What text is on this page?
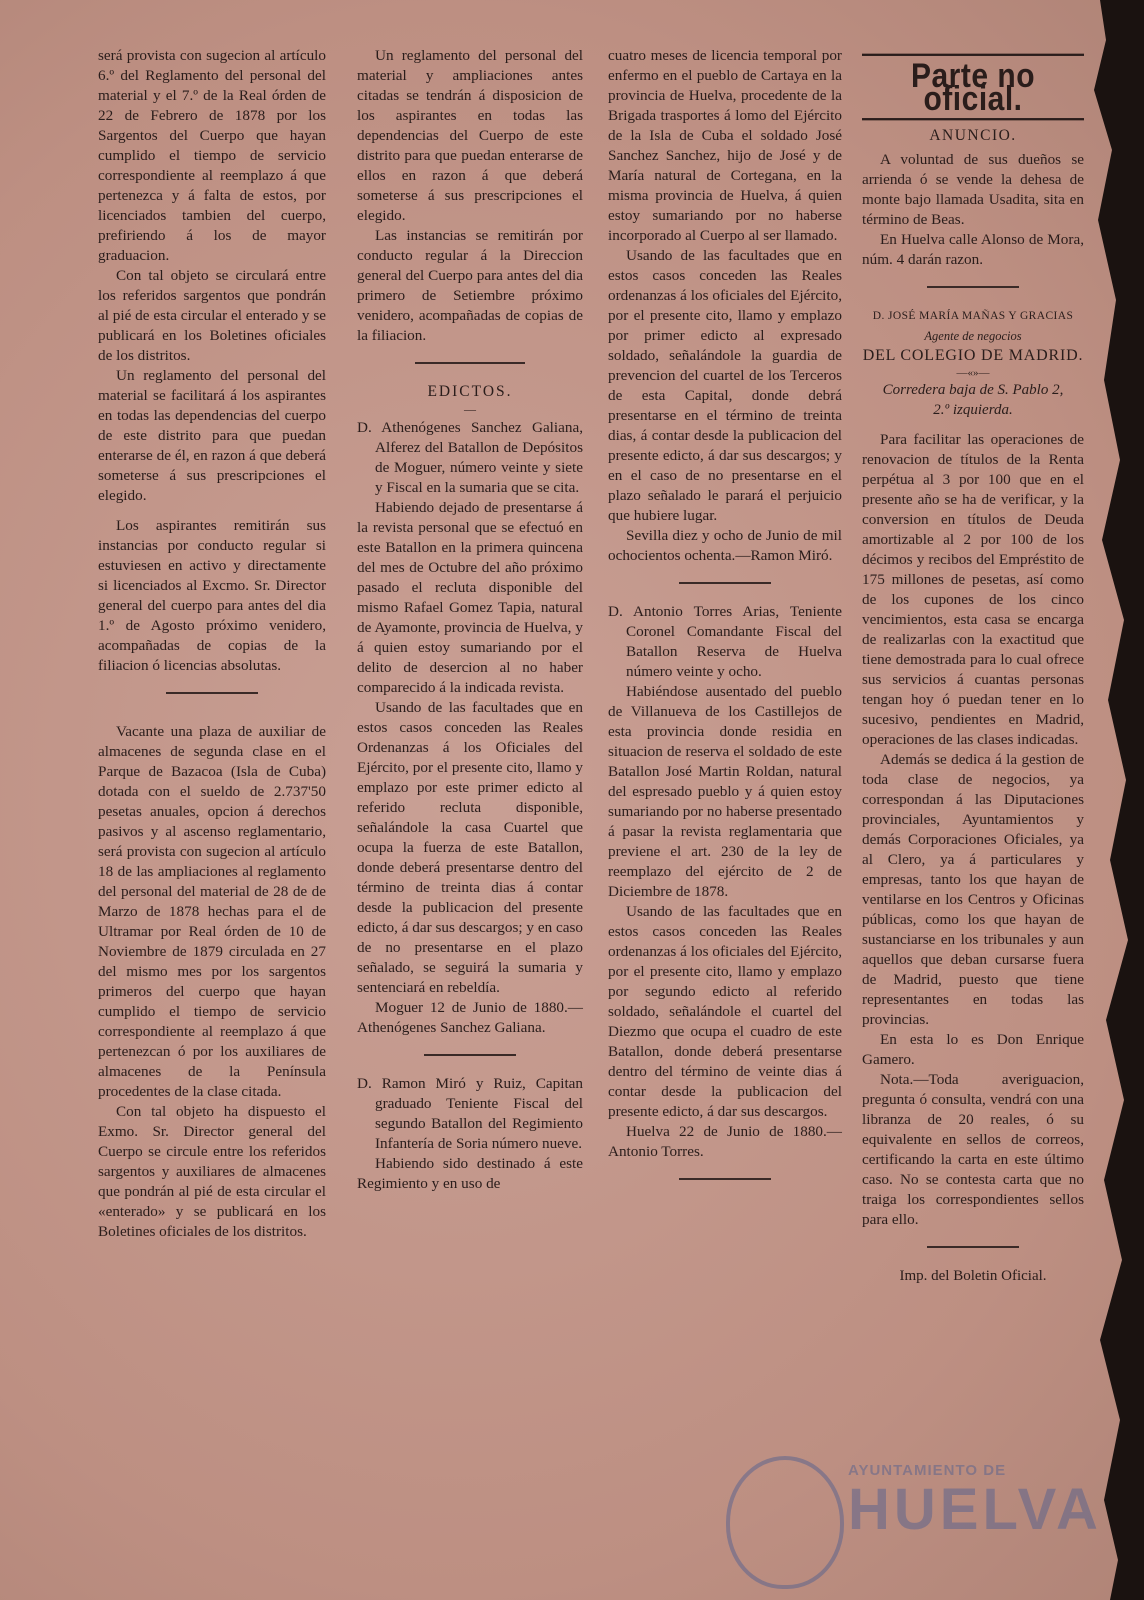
será provista con sugecion al artículo 6.º del Reglamento del personal del material y el 7.º de la Real órden de 22 de Febrero de 1878 por los Sargentos del Cuerpo que hayan cumplido el tiempo de servicio correspondiente al reemplazo á que pertenezca y á falta de estos, por licenciados tambien del cuerpo, prefiriendo á los de mayor graduacion.

Con tal objeto se circulará entre los referidos sargentos que pondrán al pié de esta circular el enterado y se publicará en los Boletines oficiales de los distritos.

Un reglamento del personal del material se facilitará á los aspirantes en todas las dependencias del cuerpo de este distrito para que puedan enterarse de él, en razon á que deberá someterse á sus prescripciones el elegido.

Los aspirantes remitirán sus instancias por conducto regular si estuviesen en activo y directamente si licenciados al Excmo. Sr. Director general del cuerpo para antes del dia 1.º de Agosto próximo venidero, acompañadas de copias de la filiacion ó licencias absolutas.

Vacante una plaza de auxiliar de almacenes de segunda clase en el Parque de Bazacoa (Isla de Cuba) dotada con el sueldo de 2.737'50 pesetas anuales, opcion á derechos pasivos y al ascenso reglamentario, será provista con sugecion al artículo 18 de las ampliaciones al reglamento del personal del material de 28 de de Marzo de 1878 hechas para el de Ultramar por Real órden de 10 de Noviembre de 1879 circulada en 27 del mismo mes por los sargentos primeros del cuerpo que hayan cumplido el tiempo de servicio correspondiente al reemplazo á que pertenezcan ó por los auxiliares de almacenes de la Península procedentes de la clase citada.

Con tal objeto ha dispuesto el Exmo. Sr. Director general del Cuerpo se circule entre los referidos sargentos y auxiliares de almacenes que pondrán al pié de esta circular el «enterado» y se publicará en los Boletines oficiales de los distritos.

Un reglamento del personal del material y ampliaciones antes citadas se tendrán á disposicion de los aspirantes en todas las dependencias del Cuerpo de este distrito para que puedan enterarse de ellos en razon á que deberá someterse á sus prescripciones el elegido.

Las instancias se remitirán por conducto regular á la Direccion general del Cuerpo para antes del dia primero de Setiembre próximo venidero, acompañadas de copias de la filiacion.

EDICTOS.
—

D. Athenógenes Sanchez Galiana, Alferez del Batallon de Depósitos de Moguer, número veinte y siete y Fiscal en la sumaria que se cita.

Habiendo dejado de presentarse á la revista personal que se efectuó en este Batallon en la primera quincena del mes de Octubre del año próximo pasado el recluta disponible del mismo Rafael Gomez Tapia, natural de Ayamonte, provincia de Huelva, y á quien estoy sumariando por el delito de desercion al no haber comparecido á la indicada revista.

Usando de las facultades que en estos casos conceden las Reales Ordenanzas á los Oficiales del Ejército, por el presente cito, llamo y emplazo por este primer edicto al referido recluta disponible, señalándole la casa Cuartel que ocupa la fuerza de este Batallon, donde deberá presentarse dentro del término de treinta dias á contar desde la publicacion del presente edicto, á dar sus descargos; y en caso de no presentarse en el plazo señalado, se seguirá la sumaria y sentenciará en rebeldía.

Moguer 12 de Junio de 1880.—Athenógenes Sanchez Galiana.

D. Ramon Miró y Ruiz, Capitan graduado Teniente Fiscal del segundo Batallon del Regimiento Infantería de Soria número nueve.

Habiendo sido destinado á este Regimiento y en uso de

cuatro meses de licencia temporal por enfermo en el pueblo de Cartaya en la provincia de Huelva, procedente de la Brigada trasportes á lomo del Ejército de la Isla de Cuba el soldado José Sanchez Sanchez, hijo de José y de María natural de Cortegana, en la misma provincia de Huelva, á quien estoy sumariando por no haberse incorporado al Cuerpo al ser llamado.

Usando de las facultades que en estos casos conceden las Reales ordenanzas á los oficiales del Ejército, por el presente cito, llamo y emplazo por primer edicto al expresado soldado, señalándole la guardia de prevencion del cuartel de los Terceros de esta Capital, donde debrá presentarse en el término de treinta dias, á contar desde la publicacion del presente edicto, á dar sus descargos; y en el caso de no presentarse en el plazo señalado le parará el perjuicio que hubiere lugar.

Sevilla diez y ocho de Junio de mil ochocientos ochenta.—Ramon Miró.

D. Antonio Torres Arias, Teniente Coronel Comandante Fiscal del Batallon Reserva de Huelva número veinte y ocho.

Habiéndose ausentado del pueblo de Villanueva de los Castillejos de esta provincia donde residia en situacion de reserva el soldado de este Batallon José Martin Roldan, natural del espresado pueblo y á quien estoy sumariando por no haberse presentado á pasar la revista reglamentaria que previene el art. 230 de la ley de reemplazo del ejército de 2 de Diciembre de 1878.

Usando de las facultades que en estos casos conceden las Reales ordenanzas á los oficiales del Ejército, por el presente cito, llamo y emplazo por segundo edicto al referido soldado, señalándole el cuartel del Diezmo que ocupa el cuadro de este Batallon, donde deberá presentarse dentro del término de veinte dias á contar desde la publicacion del presente edicto, á dar sus descargos.

Huelva 22 de Junio de 1880.—Antonio Torres.

Parte no oficial.
ANUNCIO.

A voluntad de sus dueños se arrienda ó se vende la dehesa de monte bajo llamada Usadita, sita en término de Beas.

En Huelva calle Alonso de Mora, núm. 4 darán razon.

D. JOSÉ MARÍA MAÑAS Y GRACIAS
Agente de negocios
DEL COLEGIO DE MADRID.
—«»—
Corredera baja de S. Pablo 2,
2.º izquierda.

Para facilitar las operaciones de renovacion de títulos de la Renta perpétua al 3 por 100 que en el presente año se ha de verificar, y la conversion en títulos de Deuda amortizable al 2 por 100 de los décimos y recibos del Empréstito de 175 millones de pesetas, así como de los cupones de los cinco vencimientos, esta casa se encarga de realizarlas con la exactitud que tiene demostrada para lo cual ofrece sus servicios á cuantas personas tengan hoy ó puedan tener en lo sucesivo, pendientes en Madrid, operaciones de las clases indicadas.

Además se dedica á la gestion de toda clase de negocios, ya correspondan á las Diputaciones provinciales, Ayuntamientos y demás Corporaciones Oficiales, ya al Clero, ya á particulares y empresas, tanto los que hayan de ventilarse en los Centros y Oficinas públicas, como los que hayan de sustanciarse en los tribunales y aun aquellos que deban cursarse fuera de Madrid, puesto que tiene representantes en todas las provincias.

En esta lo es Don Enrique Gamero.

Nota.—Toda averiguacion, pregunta ó consulta, vendrá con una libranza de 20 reales, ó su equivalente en sellos de correos, certificando la carta en este último caso. No se contesta carta que no traiga los correspondientes sellos para ello.

Imp. del Boletin Oficial.
AYUNTAMIENTO DE
HUELVA
